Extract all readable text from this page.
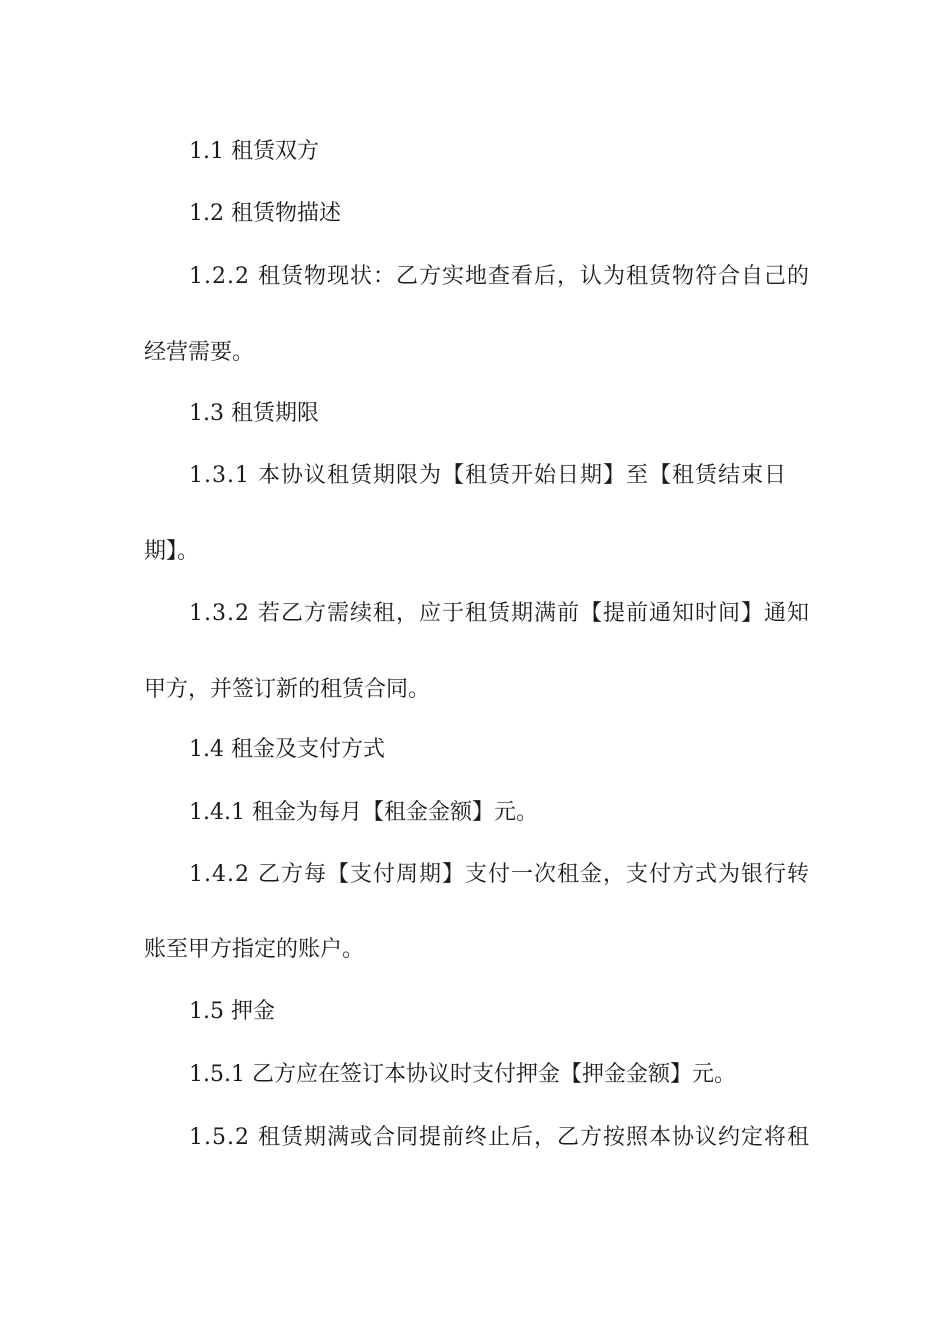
1.1 租赁双方
1.2 租赁物描述
1.2.2 租赁物现状：乙方实地查看后，认为租赁物符合自己的
经营需要。
1.3 租赁期限
1.3.1 本协议租赁期限为【租赁开始日期】至【租赁结束日
期】。
1.3.2 若乙方需续租，应于租赁期满前【提前通知时间】通知
甲方，并签订新的租赁合同。
1.4 租金及支付方式
1.4.1 租金为每月【租金金额】元。
1.4.2 乙方每【支付周期】支付一次租金，支付方式为银行转
账至甲方指定的账户。
1.5 押金
1.5.1 乙方应在签订本协议时支付押金【押金金额】元。
1.5.2 租赁期满或合同提前终止后，乙方按照本协议约定将租
